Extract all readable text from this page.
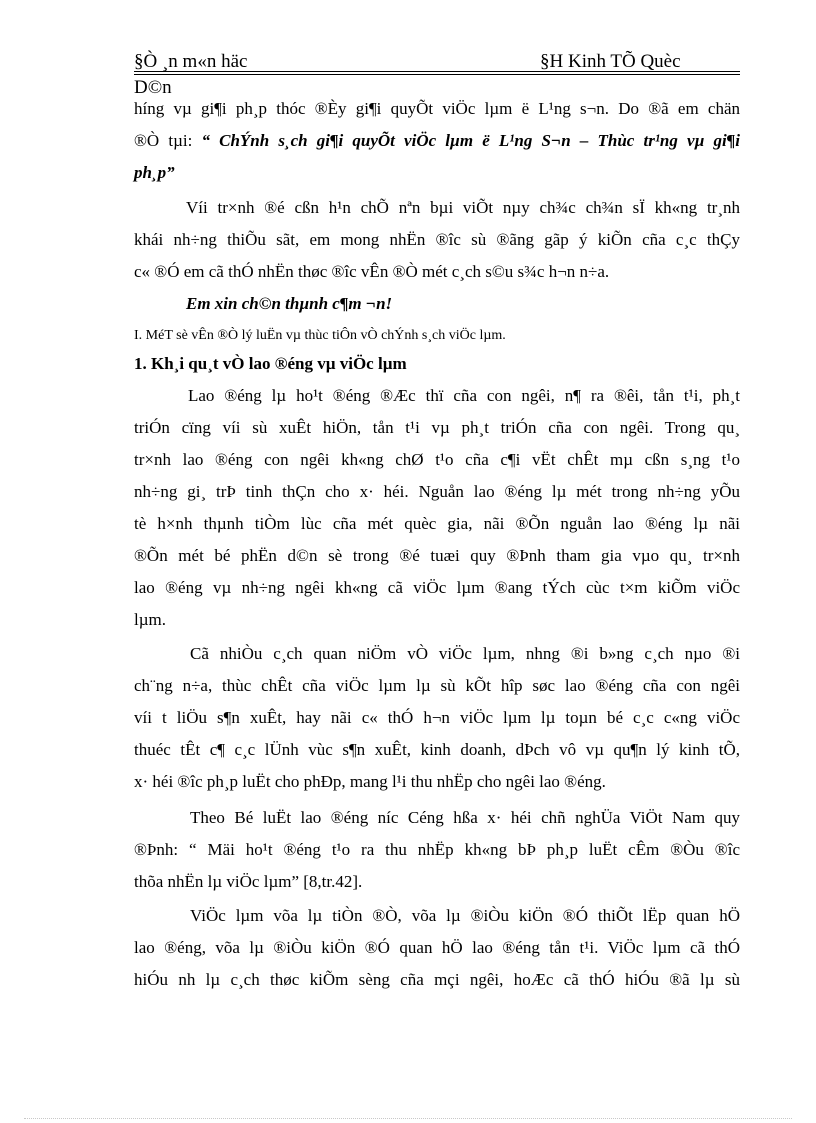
§Ò ¸n m«n häc	§H Kinh TÕ Quèc
D©n
híng vµ gi¶i ph¸p thóc ®Èy gi¶i quyÕt viÖc lµm ë L¹ng s¬n. Do ®ã em chän
®Ò tµi: “ ChÝnh s¸ch gi¶i quyÕt viÖc lµm ë L¹ng S¬n – Thùc tr¹ng vµ gi¶i
ph¸p”
Víi tr×nh ®é cßn h¹n chÕ nªn bµi viÕt nµy ch¾c ch¾n sÏ kh«ng tr¸nh
khái nh÷ng thiÕu sãt, em mong nhËn ®îc sù ®ãng gãp ý kiÕn cña c¸c thÇy
c« ®Ó em cã thÓ nhËn thøc ®îc vÊn ®Ò mét c¸ch s©u s¾c h¬n n÷a.
Em xin ch©n thµnh c¶m ¬n!
I. MéT sè vÊn ®Ò lý luËn vµ thùc tiÔn vÒ chÝnh s¸ch viÖc lµm.
1. Kh¸i qu¸t vÒ lao ®éng vµ viÖc lµm
Lao ®éng lµ ho¹t ®éng ®Æc thï cña con ngêi, n¶ ra ®êi, tån t¹i, ph¸t
triÓn cïng víi sù xuÊt hiÖn, tån t¹i vµ ph¸t triÓn cña con ngêi. Trong qu¸
tr×nh lao ®éng con ngêi kh«ng chØ t¹o cña c¶i vËt chÊt mµ cßn s¸ng t¹o
nh÷ng gi¸ trÞ tinh thÇn cho x· héi. Nguån lao ®éng lµ mét trong nh÷ng yÕu
tè h×nh thµnh tiÒm lùc cña mét quèc gia, nãi ®Õn nguån lao ®éng lµ nãi
®Õn mét bé phËn d©n sè trong ®é tuæi quy ®Þnh tham gia vµo qu¸ tr×nh
lao ®éng vµ nh÷ng ngêi kh«ng cã viÖc lµm ®ang tÝch cùc t×m kiÕm viÖc
lµm.
Cã nhiÒu c¸ch quan niÖm vÒ viÖc lµm, nhng ®i b»ng c¸ch nµo ®i
ch¨ng n÷a, thùc chÊt cña viÖc lµm lµ sù kÕt hîp søc lao ®éng cña con ngêi
víi t liÖu s¶n xuÊt, hay nãi c« thÓ h¬n viÖc lµm lµ toµn bé c¸c c«ng viÖc
thuéc tÊt c¶ c¸c lÜnh vùc s¶n xuÊt, kinh doanh, dÞch vô vµ qu¶n lý kinh tÕ,
x· héi ®îc ph¸p luËt cho phÐp, mang l¹i thu nhËp cho ngêi lao ®éng.
Theo Bé luËt lao ®éng níc Céng hßa x· héi chñ nghÜa ViÖt Nam quy
®Þnh: “ Mäi ho¹t ®éng t¹o ra thu nhËp kh«ng bÞ ph¸p luËt cÊm ®Òu ®îc
thõa nhËn lµ viÖc lµm” [8,tr.42].
ViÖc lµm võa lµ tiÒn ®Ò, võa lµ ®iÒu kiÖn ®Ó thiÕt lËp quan hÖ
lao ®éng, võa lµ ®iÒu kiÖn ®Ó quan hÖ lao ®éng tån t¹i. ViÖc lµm cã thÓ
hiÓu nh lµ c¸ch thøc kiÕm sèng cña mçi ngêi, hoÆc cã thÓ hiÓu ®ã lµ sù
